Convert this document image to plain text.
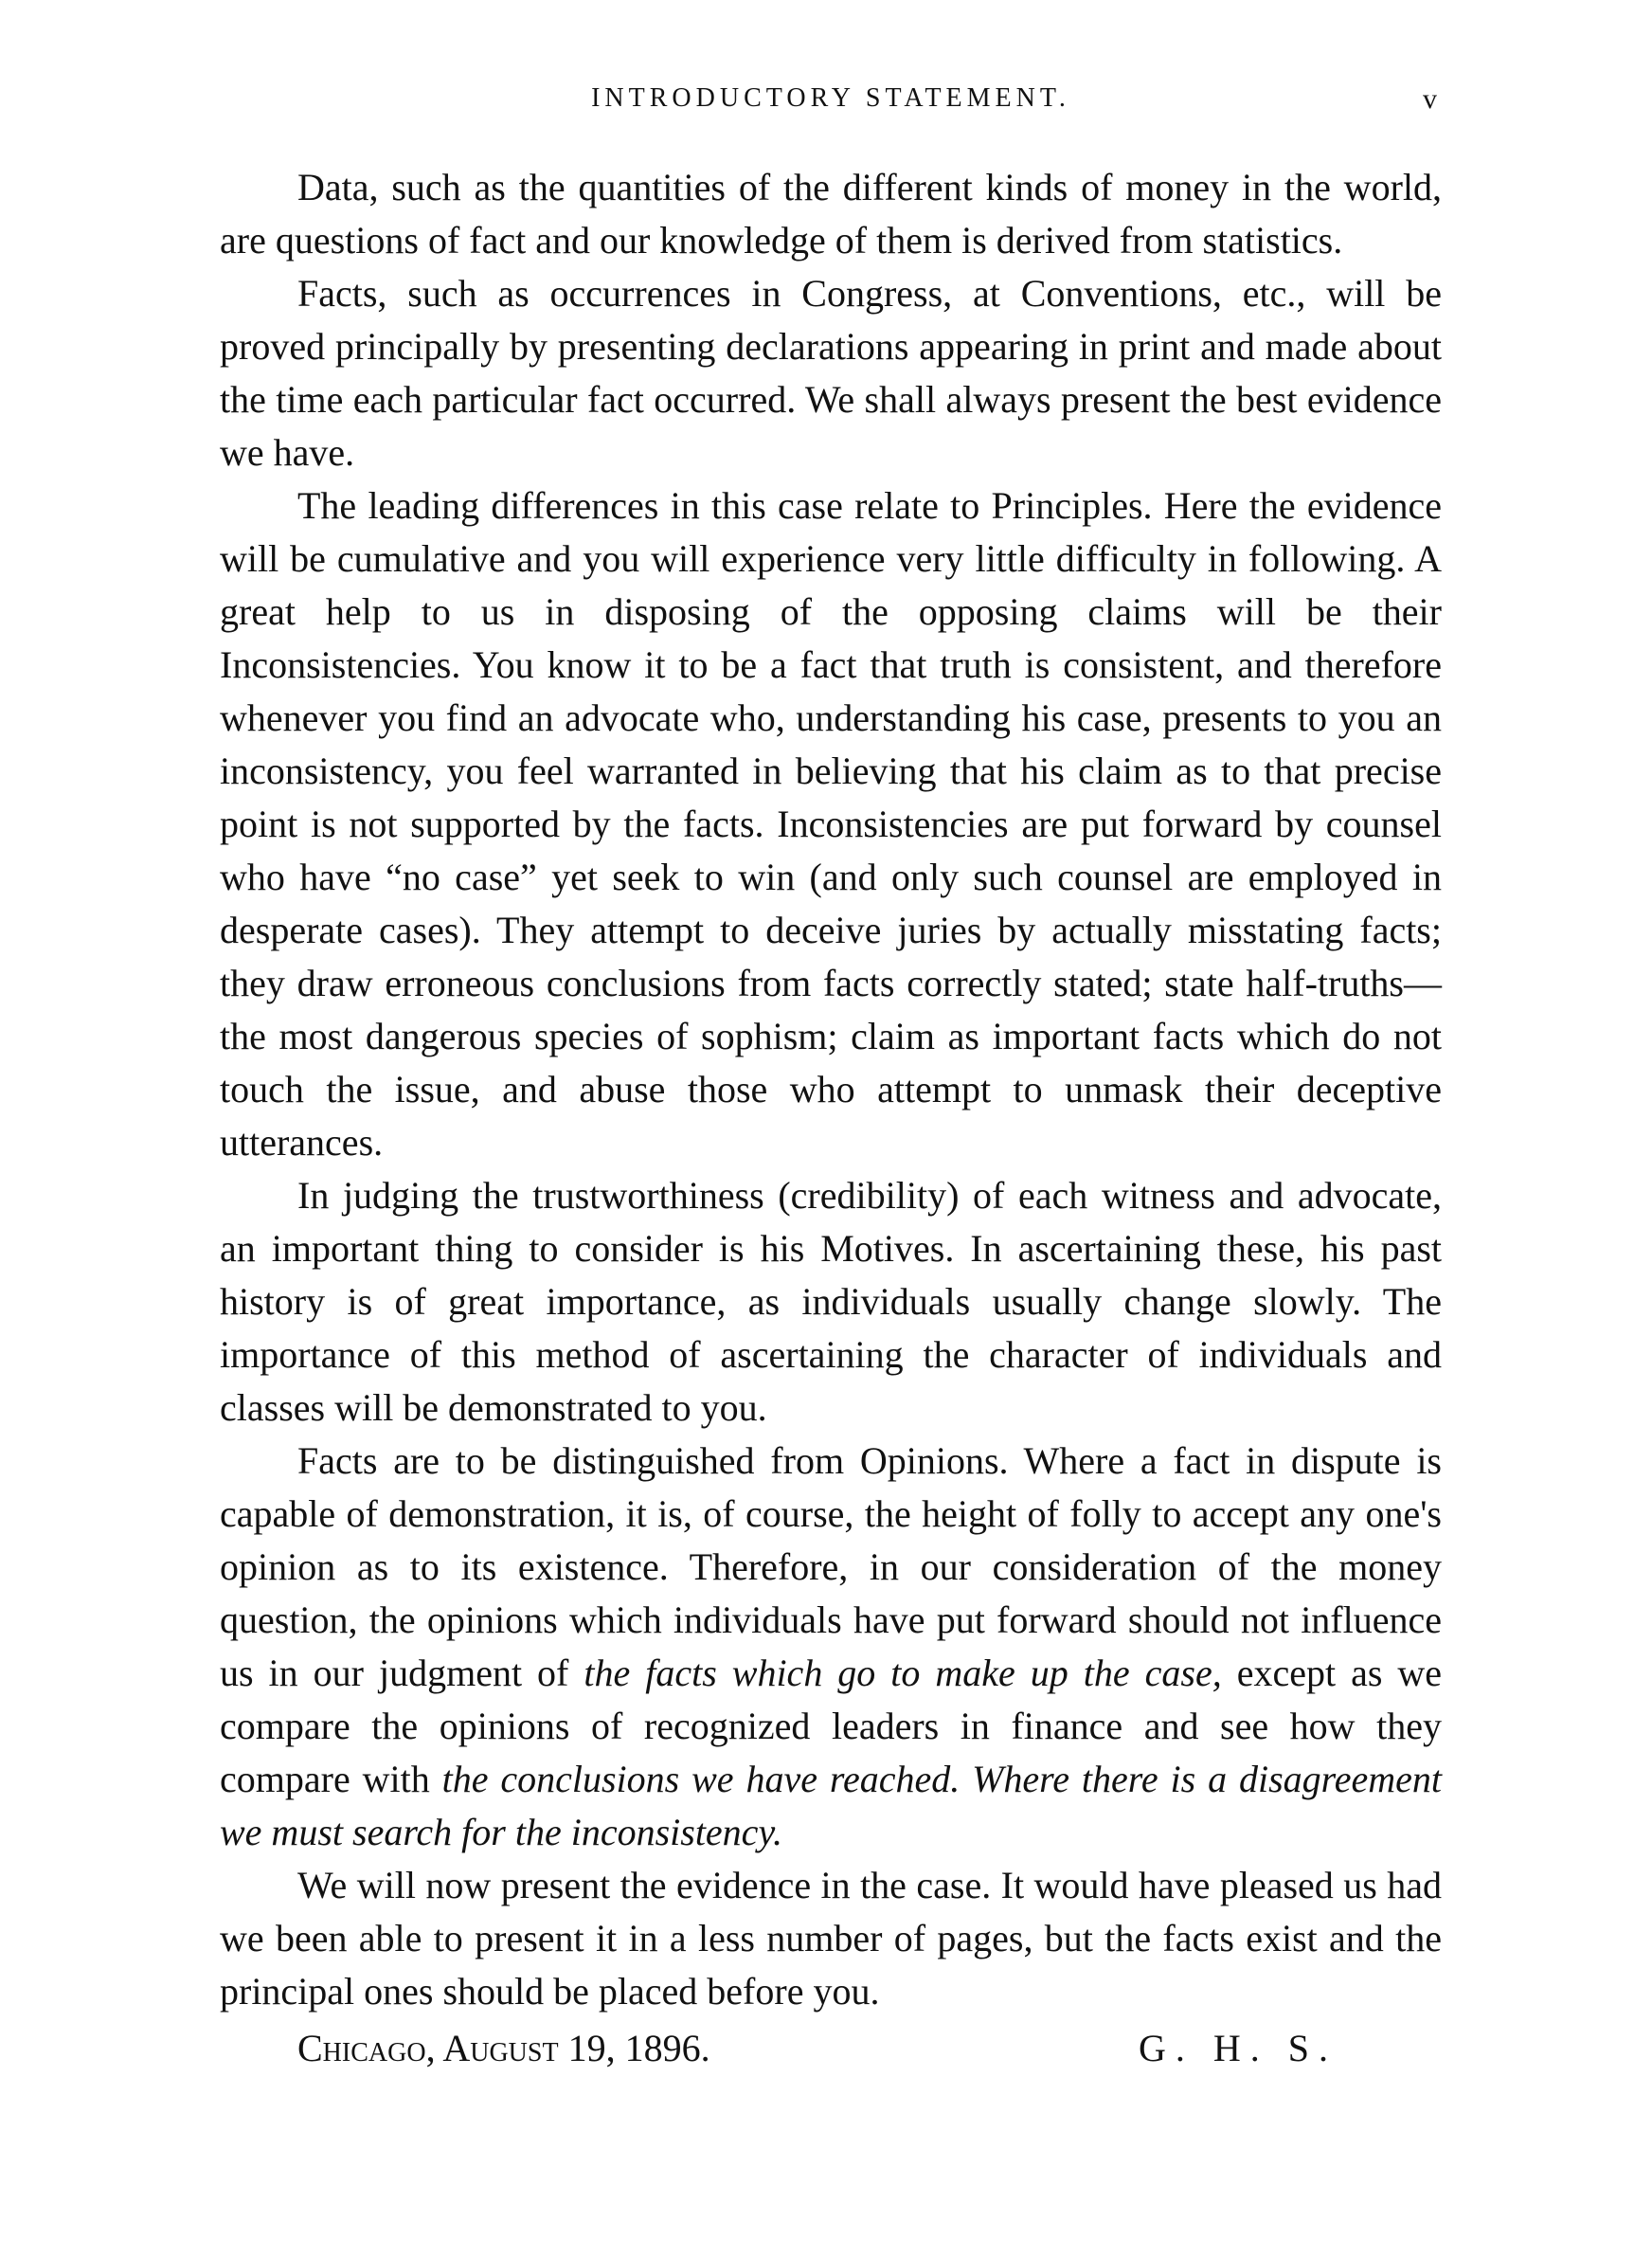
INTRODUCTORY STATEMENT.	v

Data, such as the quantities of the different kinds of money in the world, are questions of fact and our knowledge of them is derived from statistics.

Facts, such as occurrences in Congress, at Conventions, etc., will be proved principally by presenting declarations appearing in print and made about the time each particular fact occurred. We shall always present the best evidence we have.

The leading differences in this case relate to Principles. Here the evidence will be cumulative and you will experience very little difficulty in following. A great help to us in disposing of the opposing claims will be their Inconsistencies. You know it to be a fact that truth is consistent, and therefore whenever you find an advocate who, understanding his case, presents to you an inconsistency, you feel warranted in believing that his claim as to that precise point is not supported by the facts. Inconsistencies are put forward by counsel who have “no case” yet seek to win (and only such counsel are employed in desperate cases). They attempt to deceive juries by actually misstating facts; they draw erroneous conclusions from facts correctly stated; state half-truths—the most dangerous species of sophism; claim as important facts which do not touch the issue, and abuse those who attempt to unmask their deceptive utterances.

In judging the trustworthiness (credibility) of each witness and advocate, an important thing to consider is his Motives. In ascertaining these, his past history is of great importance, as individuals usually change slowly. The importance of this method of ascertaining the character of individuals and classes will be demonstrated to you.

Facts are to be distinguished from Opinions. Where a fact in dispute is capable of demonstration, it is, of course, the height of folly to accept any one's opinion as to its existence. Therefore, in our consideration of the money question, the opinions which individuals have put forward should not influence us in our judgment of the facts which go to make up the case, except as we compare the opinions of recognized leaders in finance and see how they compare with the conclusions we have reached. Where there is a disagreement we must search for the inconsistency.

We will now present the evidence in the case. It would have pleased us had we been able to present it in a less number of pages, but the facts exist and the principal ones should be placed before you.

Chicago, August 19, 1896.	G. H. S.
